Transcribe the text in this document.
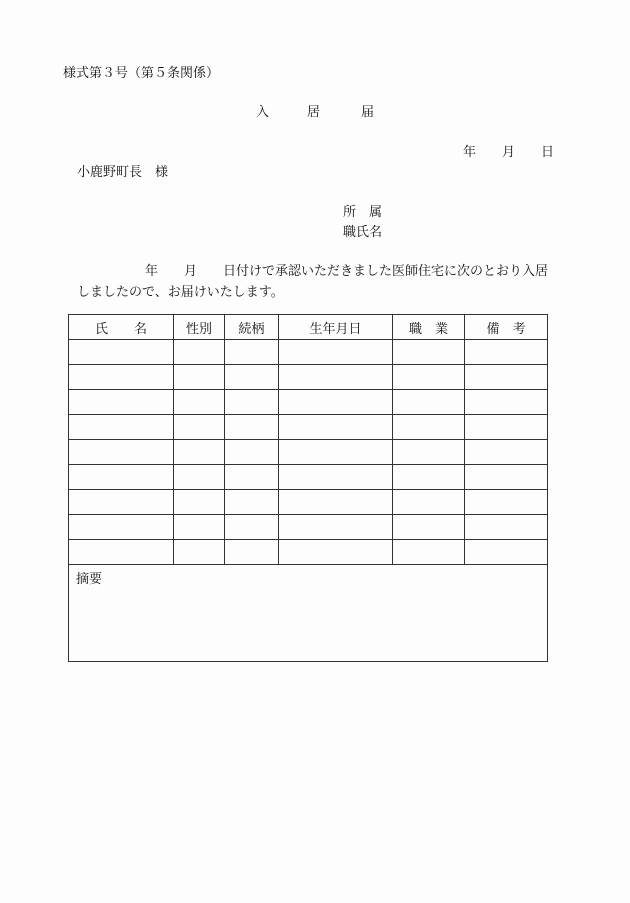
様式第３号（第５条関係）
入	居	届
年　　月　　日
小鹿野町長　様
所　属
職氏名
年　　月　　日付けで承認いただきました医師住宅に次のとおり入居
しましたので、お届けいたします。
氏　　名	性別	続柄	生年月日	職　業	備　考

摘要
